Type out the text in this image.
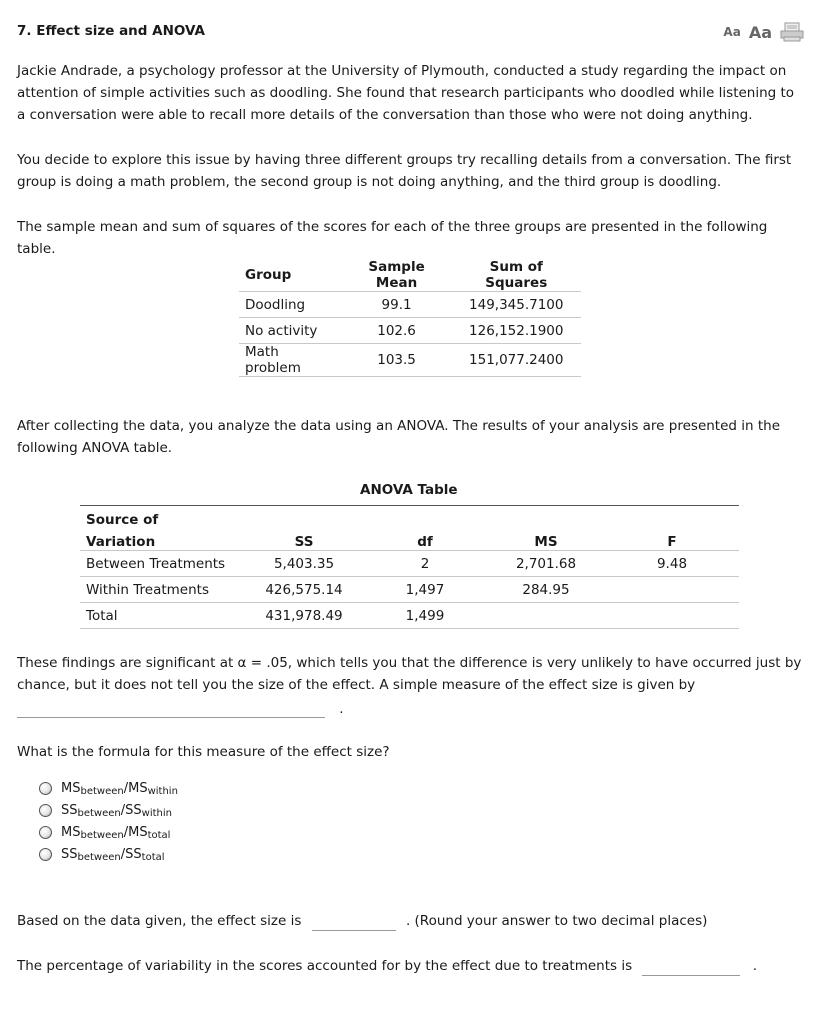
7. Effect size and ANOVA	Aa Aa

Jackie Andrade, a psychology professor at the University of Plymouth, conducted a study regarding the impact on attention of simple activities such as doodling. She found that research participants who doodled while listening to a conversation were able to recall more details of the conversation than those who were not doing anything.

You decide to explore this issue by having three different groups try recalling details from a conversation. The first group is doing a math problem, the second group is not doing anything, and the third group is doodling.

The sample mean and sum of squares of the scores for each of the three groups are presented in the following table.

Group	Sample Mean	Sum of Squares
Doodling	99.1	149,345.7100
No activity	102.6	126,152.1900
Math problem	103.5	151,077.2400

After collecting the data, you analyze the data using an ANOVA. The results of your analysis are presented in the following ANOVA table.

ANOVA Table
Source of				
Variation	SS	df	MS	F
Between Treatments	5,403.35	2	2,701.68	9.48
Within Treatments	426,575.14	1,497	284.95	
Total	431,978.49	1,499		

These findings are significant at α = .05, which tells you that the difference is very unlikely to have occurred just by chance, but it does not tell you the size of the effect. A simple measure of the effect size is given by

.

What is the formula for this measure of the effect size?

MS between / MS within
SS between / SS within
MS between / MS total
SS between / SS total
Based on the data given, the effect size is	. (Round your answer to two decimal places)
The percentage of variability in the scores accounted for by the effect due to treatments is	.
